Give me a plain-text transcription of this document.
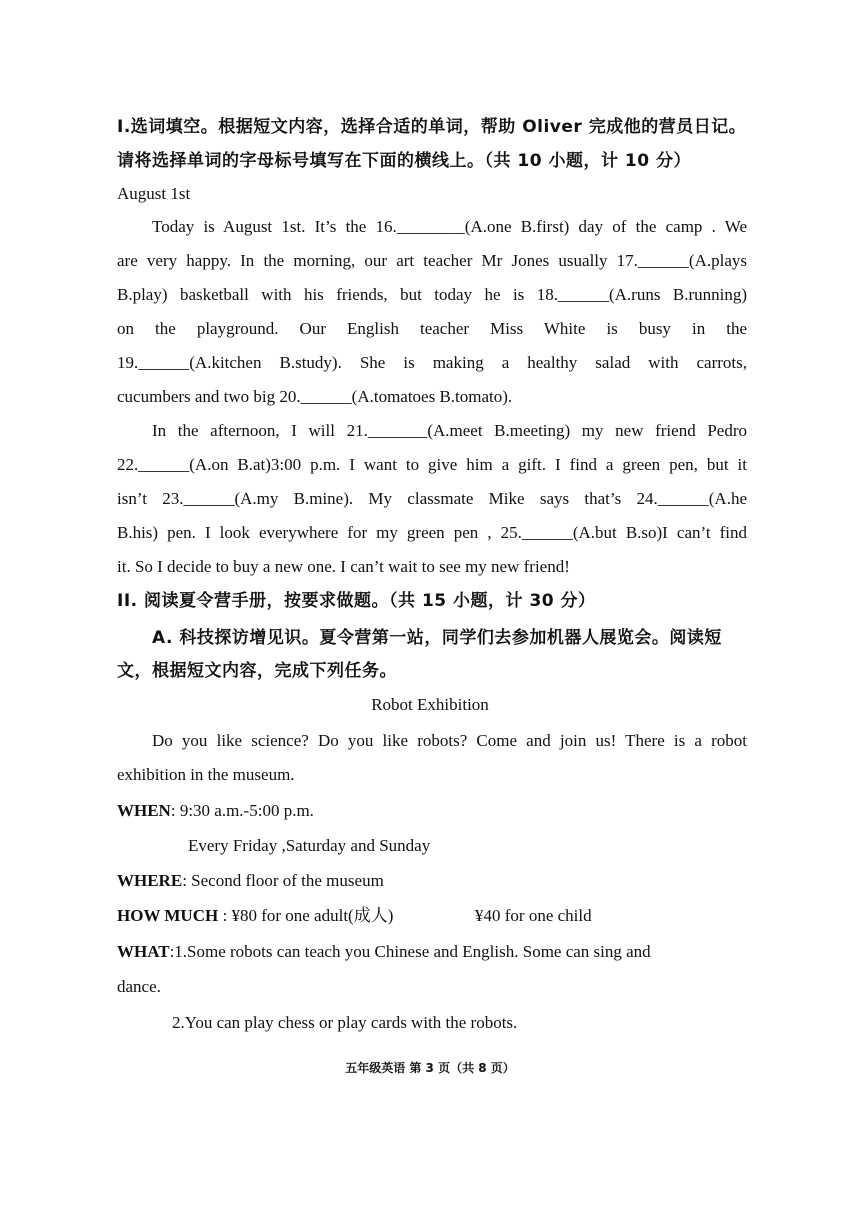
I.选词填空。根据短文内容，选择合适的单词，帮助 Oliver 完成他的营员日记。
请将选择单词的字母标号填写在下面的横线上。（共 10 小题，计 10 分）
August 1st
Today is August 1st. It’s the 16.________(A.one B.first) day of the camp . We
are very happy. In the morning, our art teacher Mr Jones usually 17.______(A.plays
B.play) basketball with his friends, but today he is 18.______(A.runs B.running)
on the playground. Our English teacher Miss White is busy in the
19.______(A.kitchen B.study). She is making a healthy salad with carrots,
cucumbers and two big 20.______(A.tomatoes B.tomato).
In the afternoon, I will 21._______(A.meet B.meeting) my new friend Pedro
22.______(A.on B.at)3:00 p.m. I want to give him a gift. I find a green pen, but it
isn’t 23.______(A.my B.mine). My classmate Mike says that’s 24.______(A.he
B.his) pen. I look everywhere for my green pen , 25.______(A.but B.so)I can’t find
it. So I decide to buy a new one. I can’t wait to see my new friend!
II. 阅读夏令营手册，按要求做题。（共 15 小题，计 30 分）
A. 科技探访增见识。夏令营第一站，同学们去参加机器人展览会。阅读短
文，根据短文内容，完成下列任务。
Robot Exhibition
Do you like science? Do you like robots? Come and join us! There is a robot
exhibition in the museum.
WHEN: 9:30 a.m.-5:00 p.m.
Every Friday ,Saturday and Sunday
WHERE: Second floor of the museum
HOW MUCH : ¥80 for one adult(成人)	¥40 for one child
WHAT:1.Some robots can teach you Chinese and English. Some can sing and
dance.
2.You can play chess or play cards with the robots.
五年级英语 第 3 页（共 8 页）
